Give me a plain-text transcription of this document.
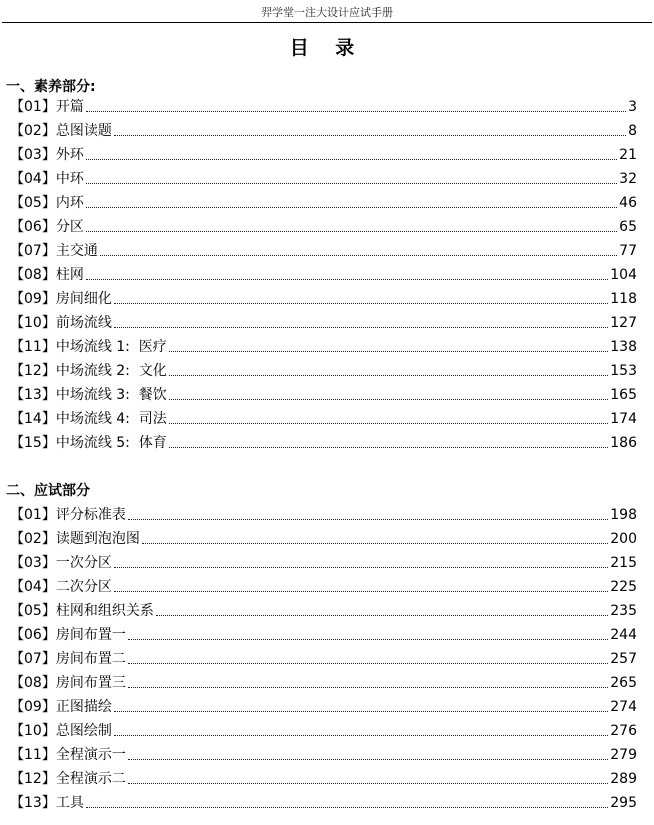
羿学堂一注大设计应试手册
目 录
一、素养部分:
【01】 开篇	3
【02】 总图读题	8
【03】 外环	21
【04】 中环	32
【05】 内环	46
【06】 分区	65
【07】 主交通	77
【08】 柱网	104
【09】 房间细化	118
【10】 前场流线	127
【11】 中场流线 1:  医疗	138
【12】 中场流线 2:  文化	153
【13】 中场流线 3:  餐饮	165
【14】 中场流线 4:  司法	174
【15】 中场流线 5:  体育	186
二、应试部分
【01】 评分标准表	198
【02】 读题到泡泡图	200
【03】 一次分区	215
【04】 二次分区	225
【05】 柱网和组织关系	235
【06】 房间布置一	244
【07】 房间布置二	257
【08】 房间布置三	265
【09】 正图描绘	274
【10】 总图绘制	276
【11】 全程演示一	279
【12】 全程演示二	289
【13】 工具	295
